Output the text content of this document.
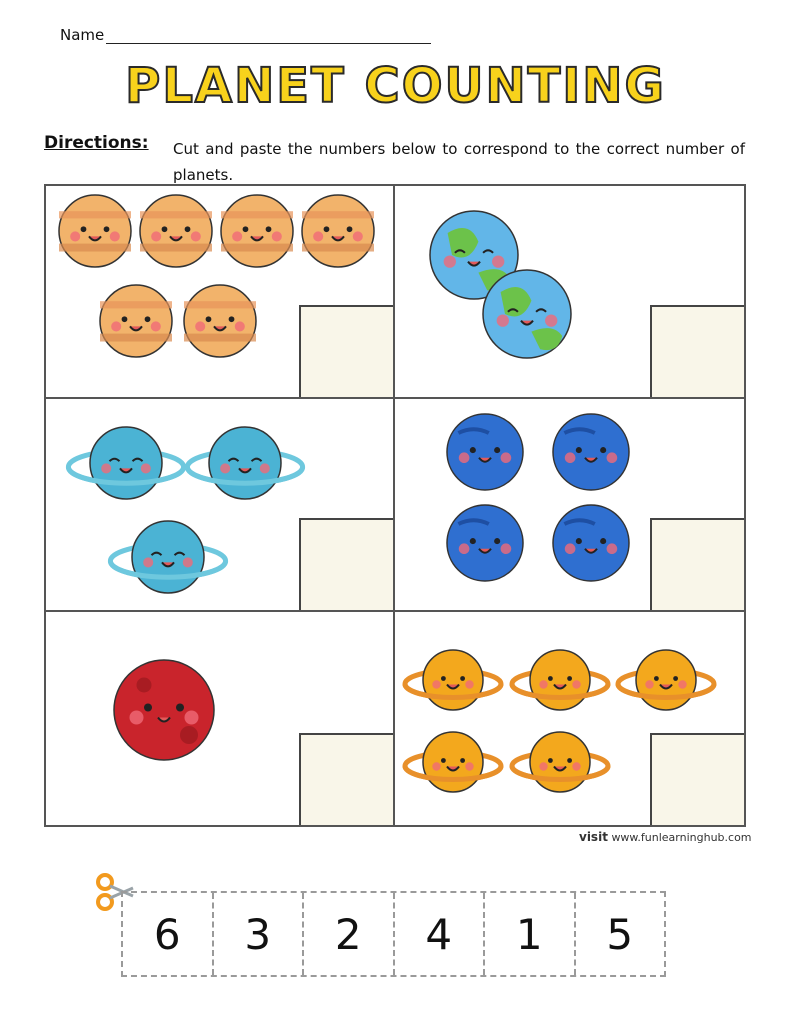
Name
PLANET COUNTING
Directions: Cut and paste the numbers below to correspond to the correct number of planets.
visit www.funlearninghub.com
6	3	2	4	1	5
